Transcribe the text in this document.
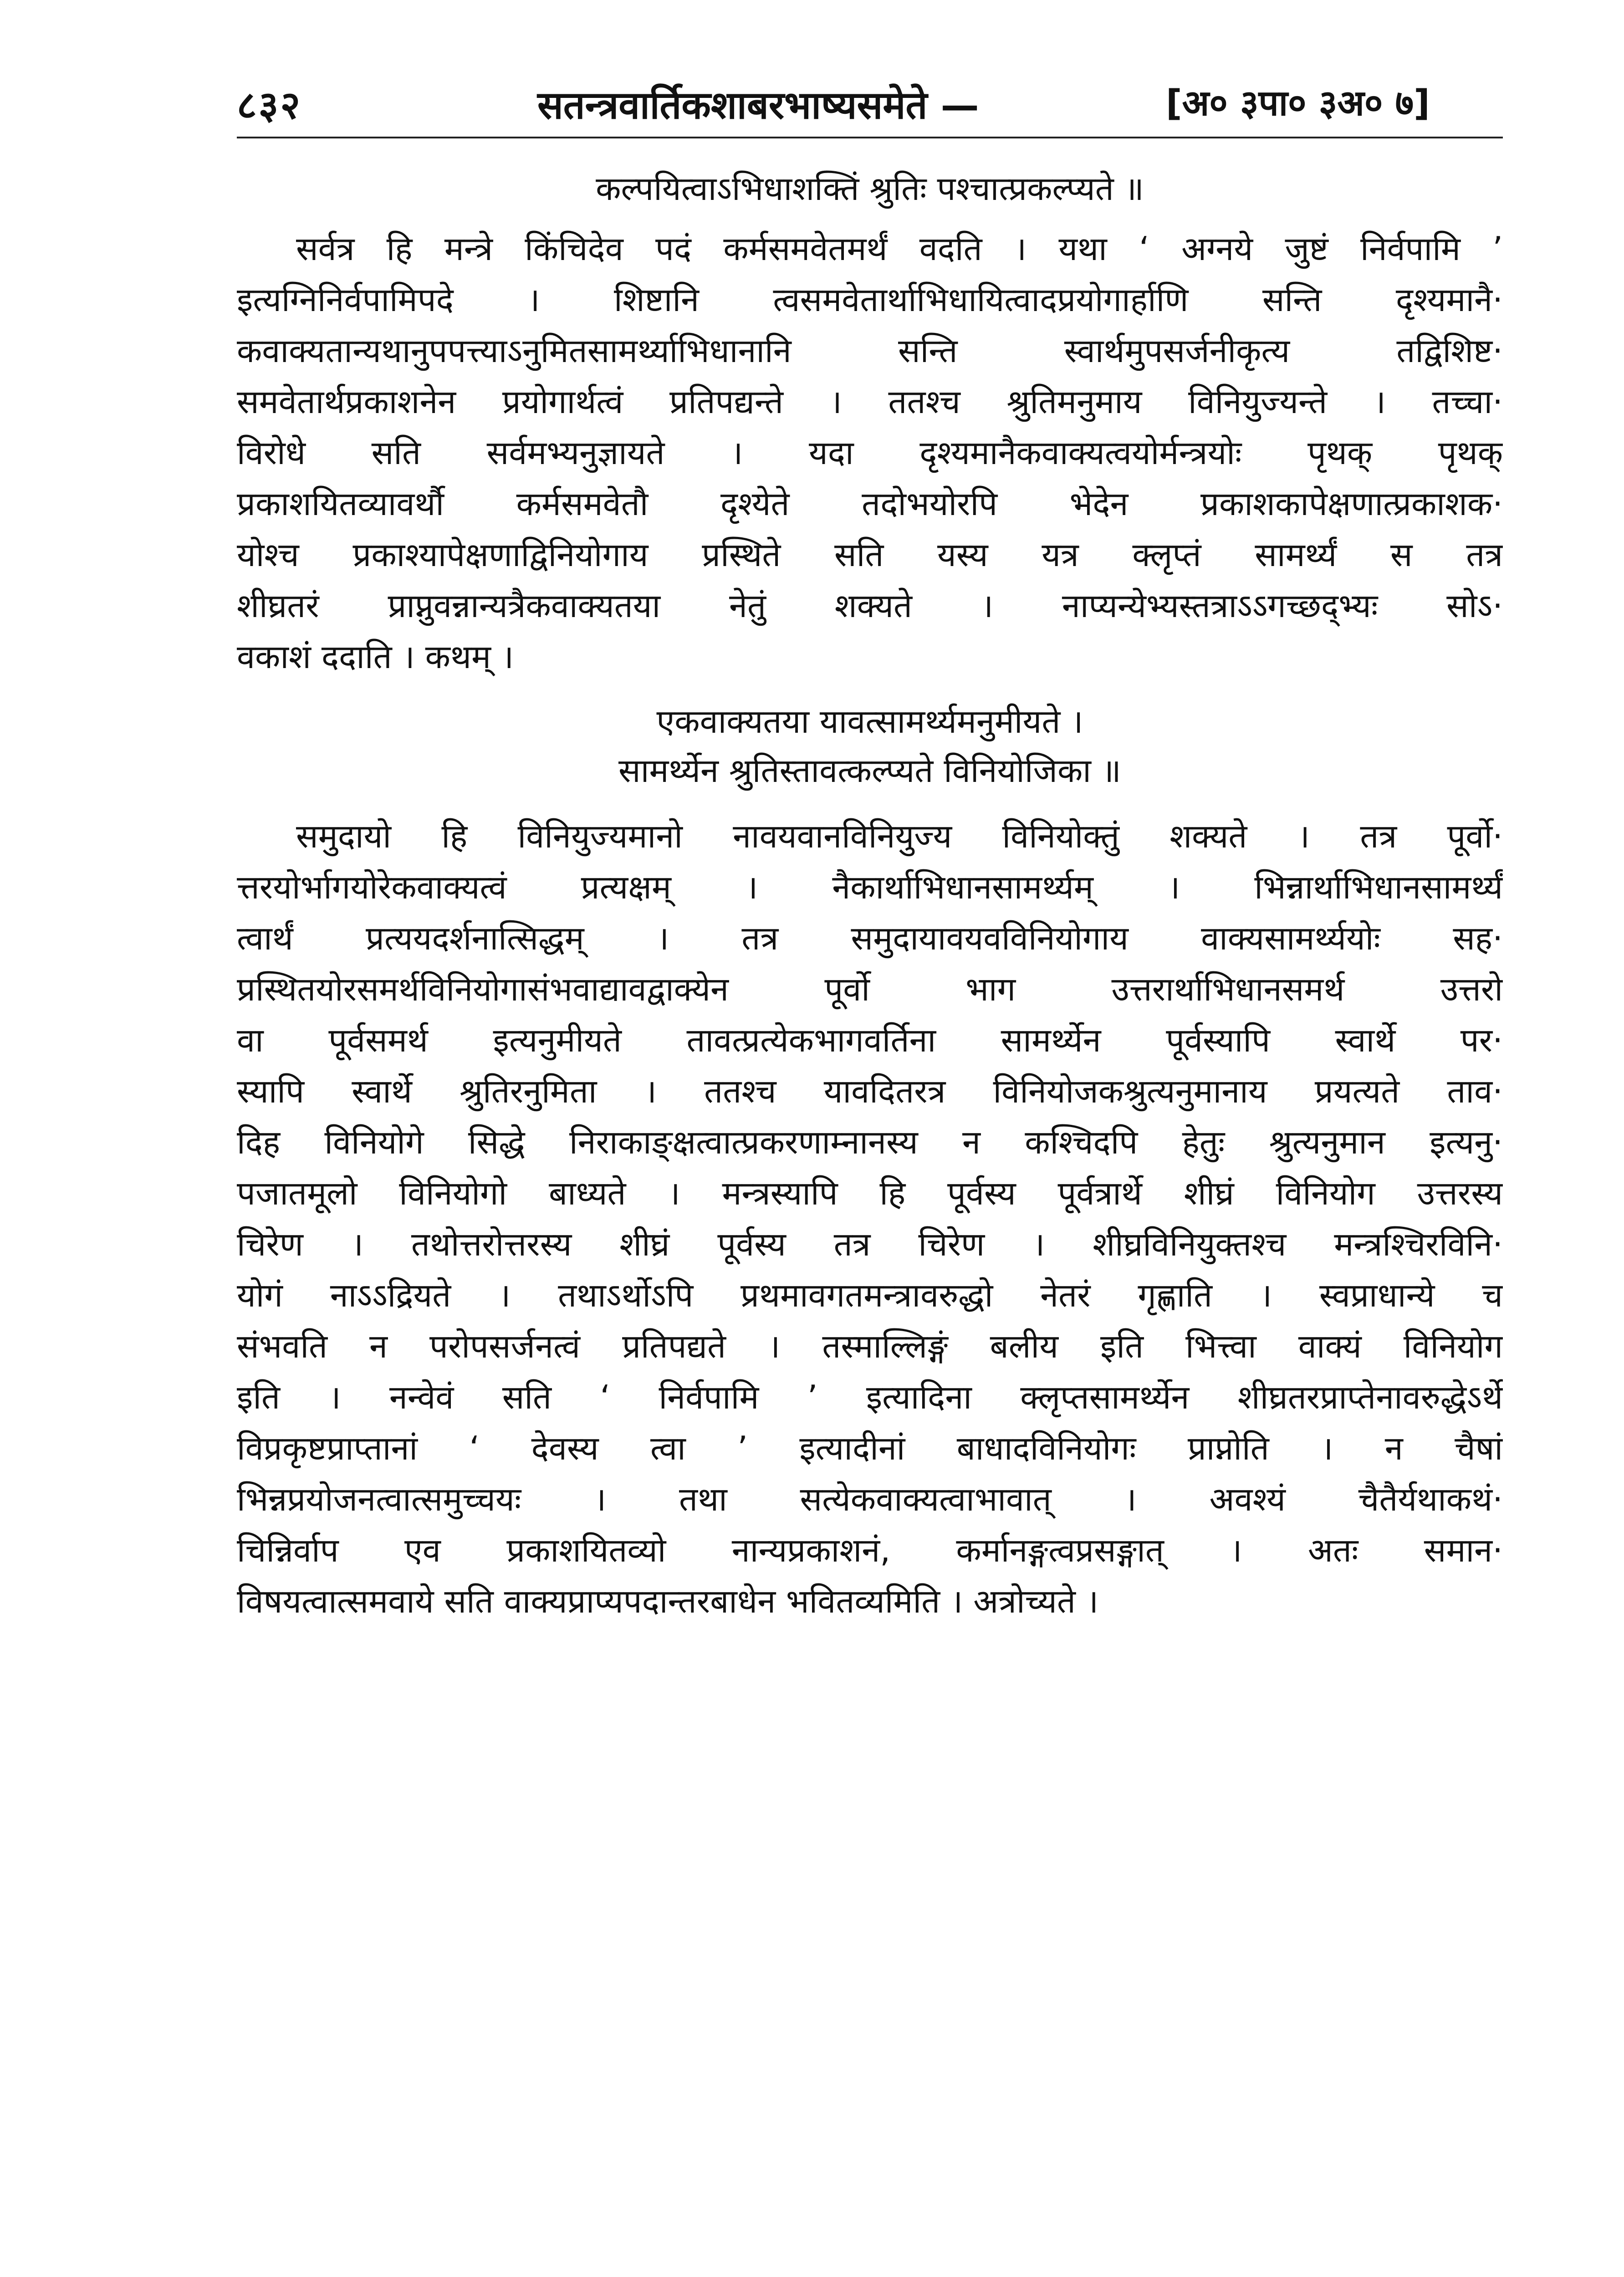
८३२	सतन्त्रवार्तिकशाबरभाष्यसमेते —	[अ० ३पा० ३अ० ७]
कल्पयित्वाऽभिधाशक्तिं श्रुतिः पश्चात्प्रकल्प्यते ॥
सर्वत्र हि मन्त्रे किंचिदेव पदं कर्मसमवेतमर्थं वदति । यथा ‘ अग्नये जुष्टं निर्वपामि ’
इत्यग्निनिर्वपामिपदे । शिष्टानि त्वसमवेतार्थाभिधायित्वादप्रयोगार्हाणि सन्ति दृश्यमानै·
कवाक्यतान्यथानुपपत्त्याऽनुमितसामर्थ्याभिधानानि सन्ति स्वार्थमुपसर्जनीकृत्य तद्विशिष्ट·
समवेतार्थप्रकाशनेन प्रयोगार्थत्वं प्रतिपद्यन्ते । ततश्च श्रुतिमनुमाय विनियुज्यन्ते । तच्चा·
विरोधे सति सर्वमभ्यनुज्ञायते । यदा दृश्यमानैकवाक्यत्वयोर्मन्त्रयोः पृथक् पृथक्
प्रकाशयितव्यावर्थौ कर्मसमवेतौ दृश्येते तदोभयोरपि भेदेन प्रकाशकापेक्षणात्प्रकाशक·
योश्च प्रकाश्यापेक्षणाद्विनियोगाय प्रस्थिते सति यस्य यत्र क्लृप्तं सामर्थ्यं स तत्र
शीघ्रतरं प्राप्नुवन्नान्यत्रैकवाक्यतया नेतुं शक्यते । नाप्यन्येभ्यस्तत्राऽऽगच्छद्भ्यः सोऽ·
वकाशं ददाति । कथम् ।
एकवाक्यतया यावत्सामर्थ्यमनुमीयते ।
सामर्थ्येन श्रुतिस्तावत्कल्प्यते विनियोजिका ॥
समुदायो हि विनियुज्यमानो नावयवानविनियुज्य विनियोक्तुं शक्यते । तत्र पूर्वो·
त्तरयोर्भागयोरेकवाक्यत्वं प्रत्यक्षम् । नैकार्थाभिधानसामर्थ्यम् । भिन्नार्थाभिधानसामर्थ्यं
त्वार्थं प्रत्ययदर्शनात्सिद्धम् । तत्र समुदायावयवविनियोगाय वाक्यसामर्थ्ययोः सह·
प्रस्थितयोरसमर्थविनियोगासंभवाद्यावद्वाक्येन पूर्वो भाग उत्तरार्थाभिधानसमर्थ उत्तरो
वा पूर्वसमर्थ इत्यनुमीयते तावत्प्रत्येकभागवर्तिना सामर्थ्येन पूर्वस्यापि स्वार्थे पर·
स्यापि स्वार्थे श्रुतिरनुमिता । ततश्च यावदितरत्र विनियोजकश्रुत्यनुमानाय प्रयत्यते ताव·
दिह विनियोगे सिद्धे निराकाङ्क्षत्वात्प्रकरणाम्नानस्य न कश्चिदपि हेतुः श्रुत्यनुमान इत्यनु·
पजातमूलो विनियोगो बाध्यते । मन्त्रस्यापि हि पूर्वस्य पूर्वत्रार्थे शीघ्रं विनियोग उत्तरस्य
चिरेण । तथोत्तरोत्तरस्य शीघ्रं पूर्वस्य तत्र चिरेण । शीघ्रविनियुक्तश्च मन्त्रश्चिरविनि·
योगं नाऽऽद्रियते । तथाऽर्थोऽपि प्रथमावगतमन्त्रावरुद्धो नेतरं गृह्णाति । स्वप्राधान्ये च
संभवति न परोपसर्जनत्वं प्रतिपद्यते । तस्माल्लिङ्गं बलीय इति भित्त्वा वाक्यं विनियोग
इति । नन्वेवं सति ‘ निर्वपामि ’ इत्यादिना क्लृप्तसामर्थ्येन शीघ्रतरप्राप्तेनावरुद्धेऽर्थे
विप्रकृष्टप्राप्तानां ‘ देवस्य त्वा ’ इत्यादीनां बाधादविनियोगः प्राप्नोति । न चैषां
भिन्नप्रयोजनत्वात्समुच्चयः । तथा सत्येकवाक्यत्वाभावात् । अवश्यं चैतैर्यथाकथं·
चिन्निर्वाप एव प्रकाशयितव्यो नान्यप्रकाशनं, कर्मानङ्गत्वप्रसङ्गात् । अतः समान·
विषयत्वात्समवाये सति वाक्यप्राप्यपदान्तरबाधेन भवितव्यमिति । अत्रोच्यते ।
